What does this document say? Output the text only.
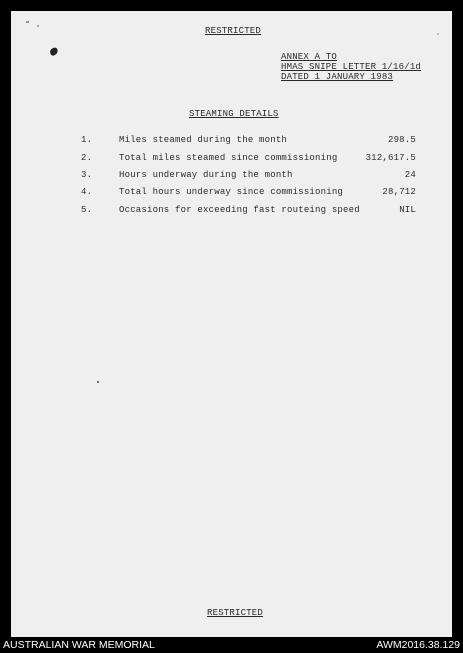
RESTRICTED
ANNEX A TO
HMAS SNIPE LETTER 1/16/1d
DATED 1 JANUARY 1983
STEAMING DETAILS
1.	Miles steamed during the month	298.5
2.	Total miles steamed since commissioning	312,617.5
3.	Hours underway during the month	24
4.	Total hours underway since commissioning	28,712
5.	Occasions for exceeding fast routeing speed	NIL
RESTRICTED
AUSTRALIAN WAR MEMORIAL	AWM2016.38.129
